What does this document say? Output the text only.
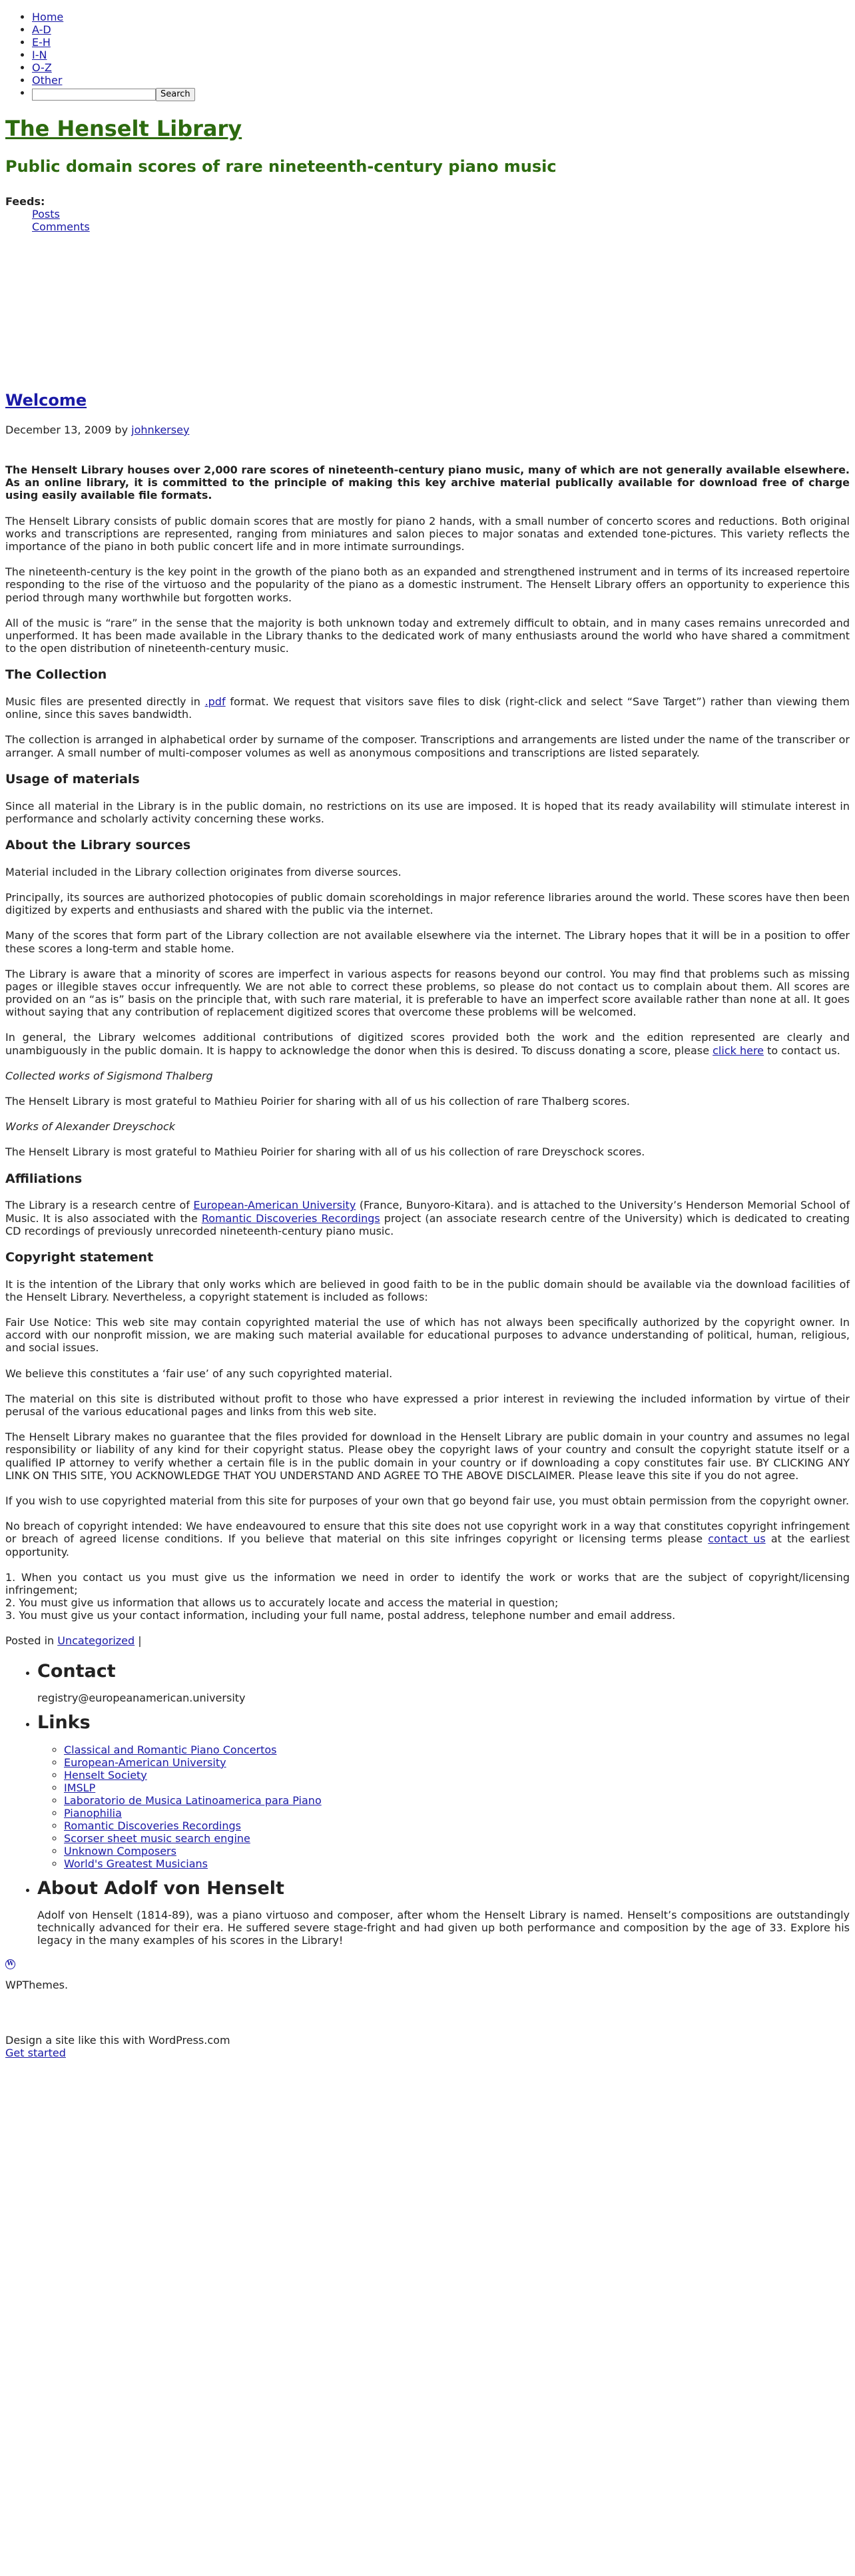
• Home
• A-D
• E-H
• I-N
• O-Z
• Other
• Search
The Henselt Library
Public domain scores of rare nineteenth-century piano music
Feeds:
Posts
Comments
Welcome
December 13, 2009 by johnkersey

The Henselt Library houses over 2,000 rare scores of nineteenth-century piano music, many of which are not generally available elsewhere. As an online library, it is committed to the principle of making this key archive material publically available for download free of charge using easily available file formats.

The Henselt Library consists of public domain scores that are mostly for piano 2 hands, with a small number of concerto scores and reductions. Both original works and transcriptions are represented, ranging from miniatures and salon pieces to major sonatas and extended tone-pictures. This variety reflects the importance of the piano in both public concert life and in more intimate surroundings.

The nineteenth-century is the key point in the growth of the piano both as an expanded and strengthened instrument and in terms of its increased repertoire responding to the rise of the virtuoso and the popularity of the piano as a domestic instrument. The Henselt Library offers an opportunity to experience this period through many worthwhile but forgotten works.

All of the music is “rare” in the sense that the majority is both unknown today and extremely difficult to obtain, and in many cases remains unrecorded and unperformed. It has been made available in the Library thanks to the dedicated work of many enthusiasts around the world who have shared a commitment to the open distribution of nineteenth-century music.

The Collection

Music files are presented directly in .pdf format. We request that visitors save files to disk (right-click and select “Save Target”) rather than viewing them online, since this saves bandwidth.

The collection is arranged in alphabetical order by surname of the composer. Transcriptions and arrangements are listed under the name of the transcriber or arranger. A small number of multi-composer volumes as well as anonymous compositions and transcriptions are listed separately.

Usage of materials

Since all material in the Library is in the public domain, no restrictions on its use are imposed. It is hoped that its ready availability will stimulate interest in performance and scholarly activity concerning these works.

About the Library sources

Material included in the Library collection originates from diverse sources.

Principally, its sources are authorized photocopies of public domain scoreholdings in major reference libraries around the world. These scores have then been digitized by experts and enthusiasts and shared with the public via the internet.

Many of the scores that form part of the Library collection are not available elsewhere via the internet. The Library hopes that it will be in a position to offer these scores a long-term and stable home.

The Library is aware that a minority of scores are imperfect in various aspects for reasons beyond our control. You may find that problems such as missing pages or illegible staves occur infrequently. We are not able to correct these problems, so please do not contact us to complain about them. All scores are provided on an “as is” basis on the principle that, with such rare material, it is preferable to have an imperfect score available rather than none at all. It goes without saying that any contribution of replacement digitized scores that overcome these problems will be welcomed.

In general, the Library welcomes additional contributions of digitized scores provided both the work and the edition represented are clearly and unambiguously in the public domain. It is happy to acknowledge the donor when this is desired. To discuss donating a score, please click here to contact us.

Collected works of Sigismond Thalberg

The Henselt Library is most grateful to Mathieu Poirier for sharing with all of us his collection of rare Thalberg scores.

Works of Alexander Dreyschock

The Henselt Library is most grateful to Mathieu Poirier for sharing with all of us his collection of rare Dreyschock scores.

Affiliations

The Library is a research centre of European-American University (France, Bunyoro-Kitara). and is attached to the University’s Henderson Memorial School of Music. It is also associated with the Romantic Discoveries Recordings project (an associate research centre of the University) which is dedicated to creating CD recordings of previously unrecorded nineteenth-century piano music.

Copyright statement

It is the intention of the Library that only works which are believed in good faith to be in the public domain should be available via the download facilities of the Henselt Library. Nevertheless, a copyright statement is included as follows:

Fair Use Notice: This web site may contain copyrighted material the use of which has not always been specifically authorized by the copyright owner. In accord with our nonprofit mission, we are making such material available for educational purposes to advance understanding of political, human, religious, and social issues.

We believe this constitutes a ‘fair use’ of any such copyrighted material.

The material on this site is distributed without profit to those who have expressed a prior interest in reviewing the included information by virtue of their perusal of the various educational pages and links from this web site.

The Henselt Library makes no guarantee that the files provided for download in the Henselt Library are public domain in your country and assumes no legal responsibility or liability of any kind for their copyright status. Please obey the copyright laws of your country and consult the copyright statute itself or a qualified IP attorney to verify whether a certain file is in the public domain in your country or if downloading a copy constitutes fair use. BY CLICKING ANY LINK ON THIS SITE, YOU ACKNOWLEDGE THAT YOU UNDERSTAND AND AGREE TO THE ABOVE DISCLAIMER. Please leave this site if you do not agree.

If you wish to use copyrighted material from this site for purposes of your own that go beyond fair use, you must obtain permission from the copyright owner.

No breach of copyright intended: We have endeavoured to ensure that this site does not use copyright work in a way that constitutes copyright infringement or breach of agreed license conditions. If you believe that material on this site infringes copyright or licensing terms please contact us at the earliest opportunity.

1. When you contact us you must give us the information we need in order to identify the work or works that are the subject of copyright/licensing infringement;
2. You must give us information that allows us to accurately locate and access the material in question;
3. You must give us your contact information, including your full name, postal address, telephone number and email address.

Posted in Uncategorized |
• Contact

registry@europeanamerican.university

• Links
◦ Classical and Romantic Piano Concertos
◦ European-American University
◦ Henselt Society
◦ IMSLP
◦ Laboratorio de Musica Latinoamerica para Piano
◦ Pianophilia
◦ Romantic Discoveries Recordings
◦ Scorser sheet music search engine
◦ Unknown Composers
◦ World's Greatest Musicians
• About Adolf von Henselt

Adolf von Henselt (1814-89), was a piano virtuoso and composer, after whom the Henselt Library is named. Henselt’s compositions are outstandingly technically advanced for their era. He suffered severe stage-fright and had given up both performance and composition by the age of 33. Explore his legacy in the many examples of his scores in the Library!

W
WPThemes.
Design a site like this with WordPress.com
Get started
